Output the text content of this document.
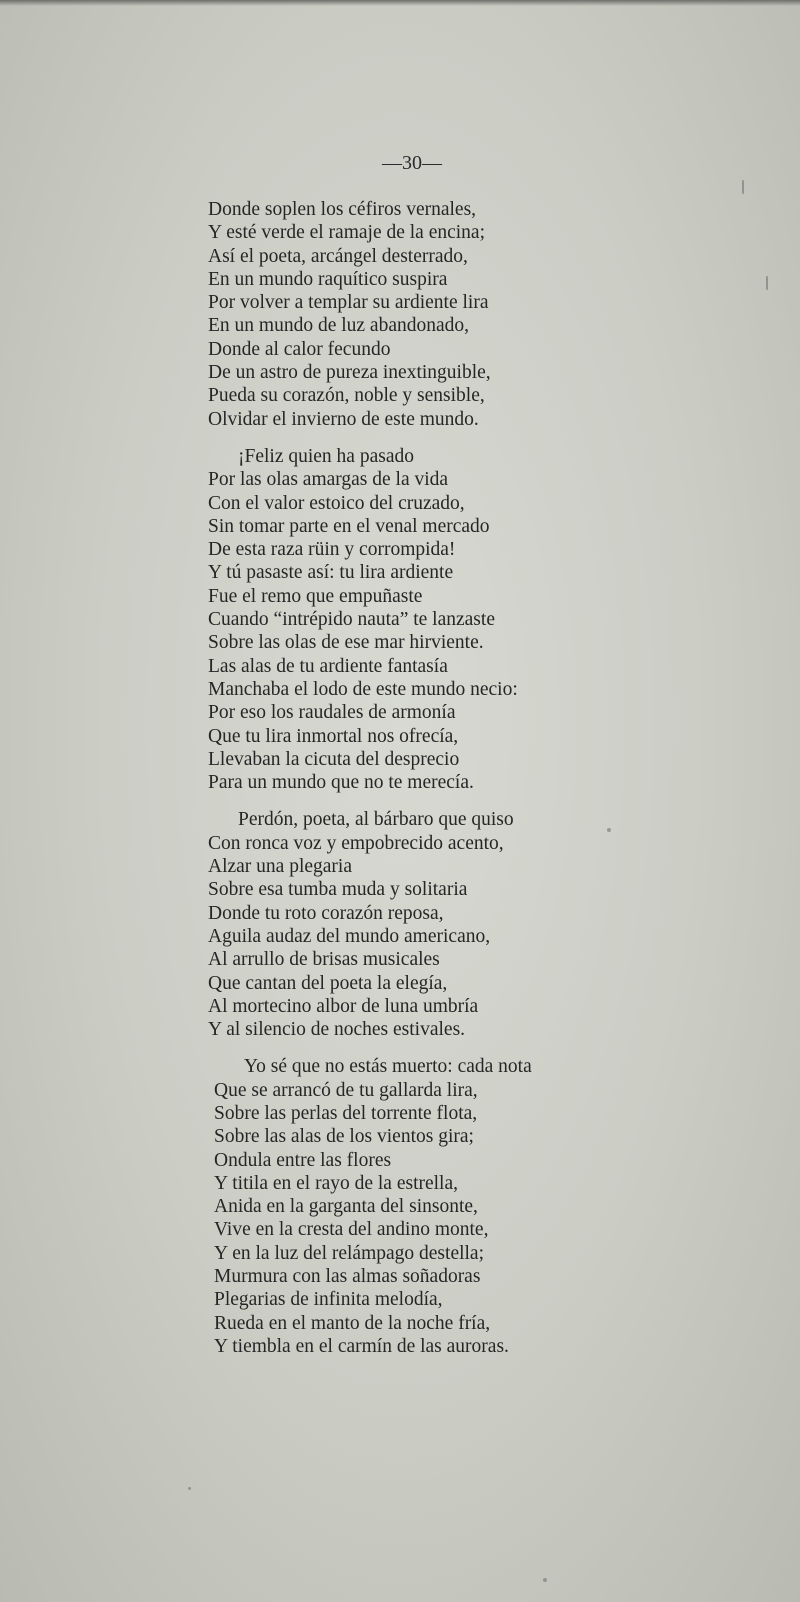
—30—
Donde soplen los céfiros vernales,
Y esté verde el ramaje de la encina;
Así el poeta, arcángel desterrado,
En un mundo raquítico suspira
Por volver a templar su ardiente lira
En un mundo de luz abandonado,
Donde al calor fecundo
De un astro de pureza inextinguible,
Pueda su corazón, noble y sensible,
Olvidar el invierno de este mundo.
¡Feliz quien ha pasado
Por las olas amargas de la vida
Con el valor estoico del cruzado,
Sin tomar parte en el venal mercado
De esta raza rüin y corrompida!
Y tú pasaste así: tu lira ardiente
Fue el remo que empuñaste
Cuando “intrépido nauta” te lanzaste
Sobre las olas de ese mar hirviente.
Las alas de tu ardiente fantasía
Manchaba el lodo de este mundo necio:
Por eso los raudales de armonía
Que tu lira inmortal nos ofrecía,
Llevaban la cicuta del desprecio
Para un mundo que no te merecía.
Perdón, poeta, al bárbaro que quiso
Con ronca voz y empobrecido acento,
Alzar una plegaria
Sobre esa tumba muda y solitaria
Donde tu roto corazón reposa,
Aguila audaz del mundo americano,
Al arrullo de brisas musicales
Que cantan del poeta la elegía,
Al mortecino albor de luna umbría
Y al silencio de noches estivales.
Yo sé que no estás muerto: cada nota
Que se arrancó de tu gallarda lira,
Sobre las perlas del torrente flota,
Sobre las alas de los vientos gira;
Ondula entre las flores
Y titila en el rayo de la estrella,
Anida en la garganta del sinsonte,
Vive en la cresta del andino monte,
Y en la luz del relámpago destella;
Murmura con las almas soñadoras
Plegarias de infinita melodía,
Rueda en el manto de la noche fría,
Y tiembla en el carmín de las auroras.
